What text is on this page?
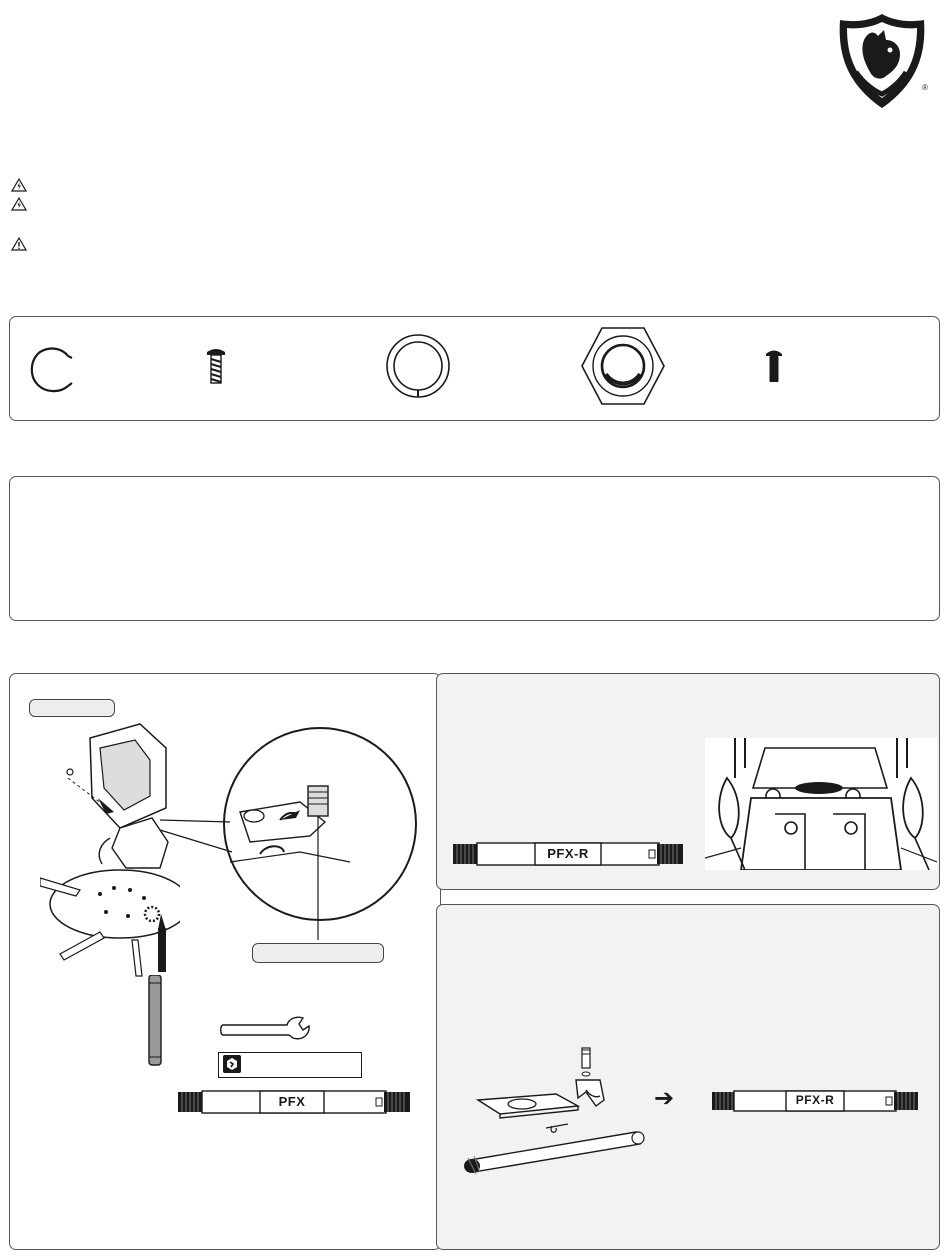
®
PFX
PFX-R
➔	PFX-R
